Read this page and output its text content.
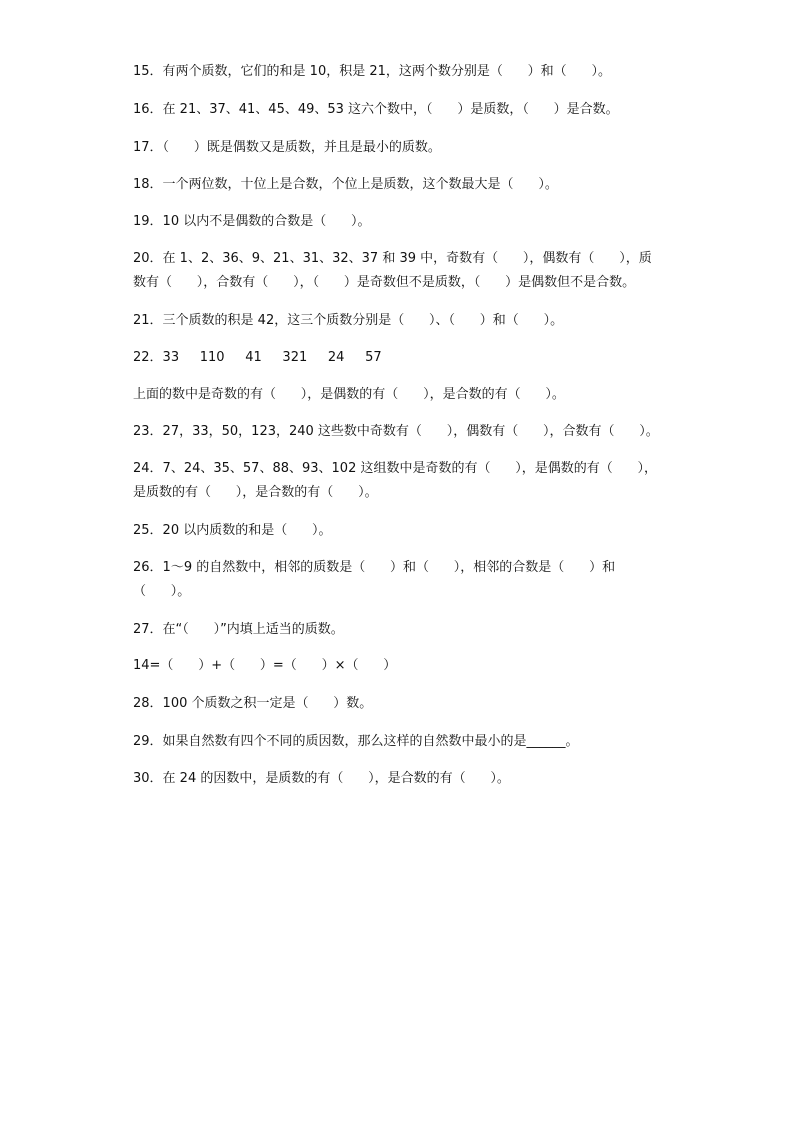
15．有两个质数，它们的和是 10，积是 21，这两个数分别是（      ）和（      ）。
16．在 21、37、41、45、49、53 这六个数中，（      ）是质数，（      ）是合数。
17．（      ）既是偶数又是质数，并且是最小的质数。
18．一个两位数，十位上是合数，个位上是质数，这个数最大是（      ）。
19．10 以内不是偶数的合数是（      ）。
20．在 1、2、36、9、21、31、32、37 和 39 中，奇数有（      ），偶数有（      ），质
数有（      ），合数有（      ），（      ）是奇数但不是质数，（      ）是偶数但不是合数。
21．三个质数的积是 42，这三个质数分别是（      ）、（      ）和（      ）。
22．33     110     41     321     24     57
上面的数中是奇数的有（      ），是偶数的有（      ），是合数的有（      ）。
23．27，33，50，123，240 这些数中奇数有（      ），偶数有（      ），合数有（      ）。
24．7、24、35、57、88、93、102 这组数中是奇数的有（      ），是偶数的有（      ），
是质数的有（      ），是合数的有（      ）。
25．20 以内质数的和是（      ）。
26．1～9 的自然数中，相邻的质数是（      ）和（      ），相邻的合数是（      ）和
（      ）。
27．在“（      ）”内填上适当的质数。
14=（      ）+（      ）=（      ）×（      ）
28．100 个质数之积一定是（      ）数。
29．如果自然数有四个不同的质因数，那么这样的自然数中最小的是______。
30．在 24 的因数中，是质数的有（      ），是合数的有（      ）。
